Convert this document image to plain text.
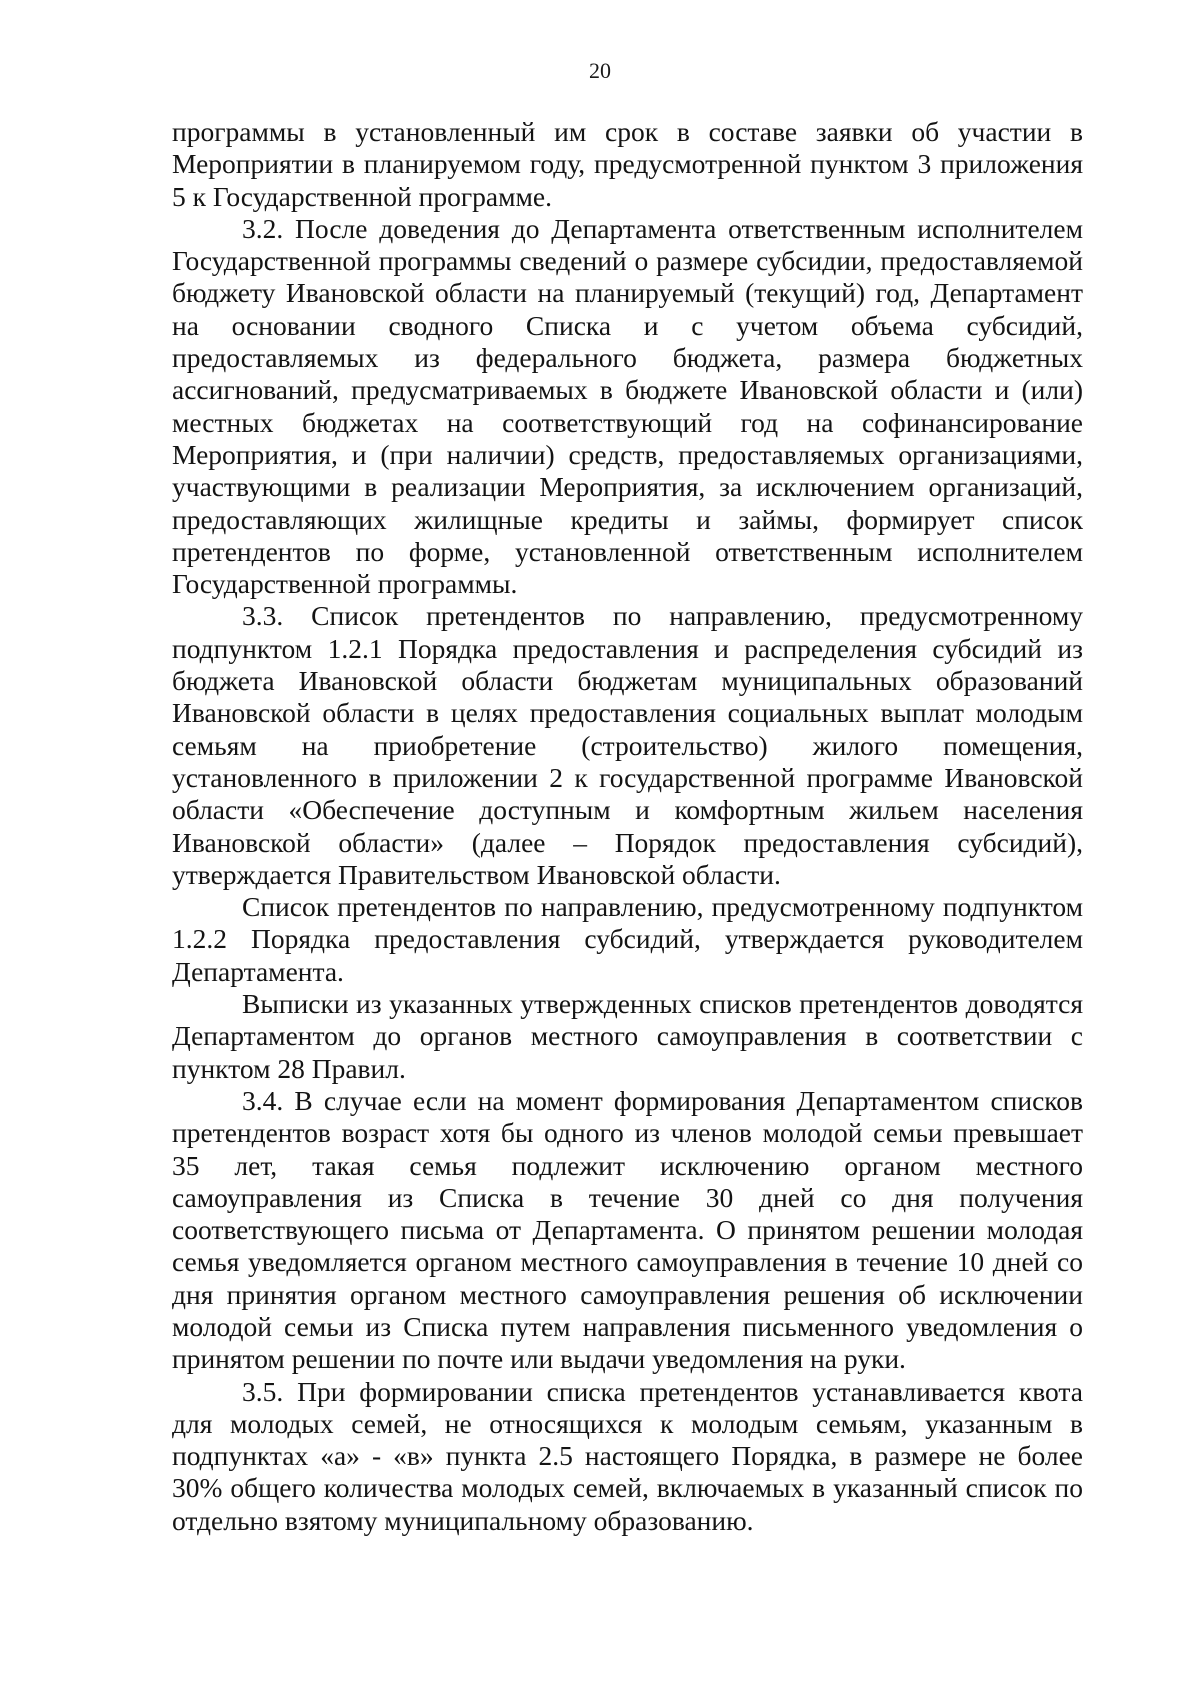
20

программы в установленный им срок в составе заявки об участии в Мероприятии в планируемом году, предусмотренной пунктом 3 приложения 5 к Государственной программе.

3.2. После доведения до Департамента ответственным исполнителем Государственной программы сведений о размере субсидии, предоставляемой бюджету Ивановской области на планируемый (текущий) год, Департамент на основании сводного Списка и с учетом объема субсидий, предоставляемых из федерального бюджета, размера бюджетных ассигнований, предусматриваемых в бюджете Ивановской области и (или) местных бюджетах на соответствующий год на софинансирование Мероприятия, и (при наличии) средств, предоставляемых организациями, участвующими в реализации Мероприятия, за исключением организаций, предоставляющих жилищные кредиты и займы, формирует список претендентов по форме, установленной ответственным исполнителем Государственной программы.

3.3. Список претендентов по направлению, предусмотренному подпунктом 1.2.1 Порядка предоставления и распределения субсидий из бюджета Ивановской области бюджетам муниципальных образований Ивановской области в целях предоставления социальных выплат молодым семьям на приобретение (строительство) жилого помещения, установленного в приложении 2 к государственной программе Ивановской области «Обеспечение доступным и комфортным жильем населения Ивановской области» (далее – Порядок предоставления субсидий), утверждается Правительством Ивановской области.

Список претендентов по направлению, предусмотренному подпунктом 1.2.2 Порядка предоставления субсидий, утверждается руководителем Департамента.

Выписки из указанных утвержденных списков претендентов доводятся Департаментом до органов местного самоуправления в соответствии с пунктом 28 Правил.

3.4. В случае если на момент формирования Департаментом списков претендентов возраст хотя бы одного из членов молодой семьи превышает 35 лет, такая семья подлежит исключению органом местного самоуправления из Списка в течение 30 дней со дня получения соответствующего письма от Департамента. О принятом решении молодая семья уведомляется органом местного самоуправления в течение 10 дней со дня принятия органом местного самоуправления решения об исключении молодой семьи из Списка путем направления письменного уведомления о принятом решении по почте или выдачи уведомления на руки.

3.5. При формировании списка претендентов устанавливается квота для молодых семей, не относящихся к молодым семьям, указанным в подпунктах «а» - «в» пункта 2.5 настоящего Порядка, в размере не более 30% общего количества молодых семей, включаемых в указанный список по отдельно взятому муниципальному образованию.
